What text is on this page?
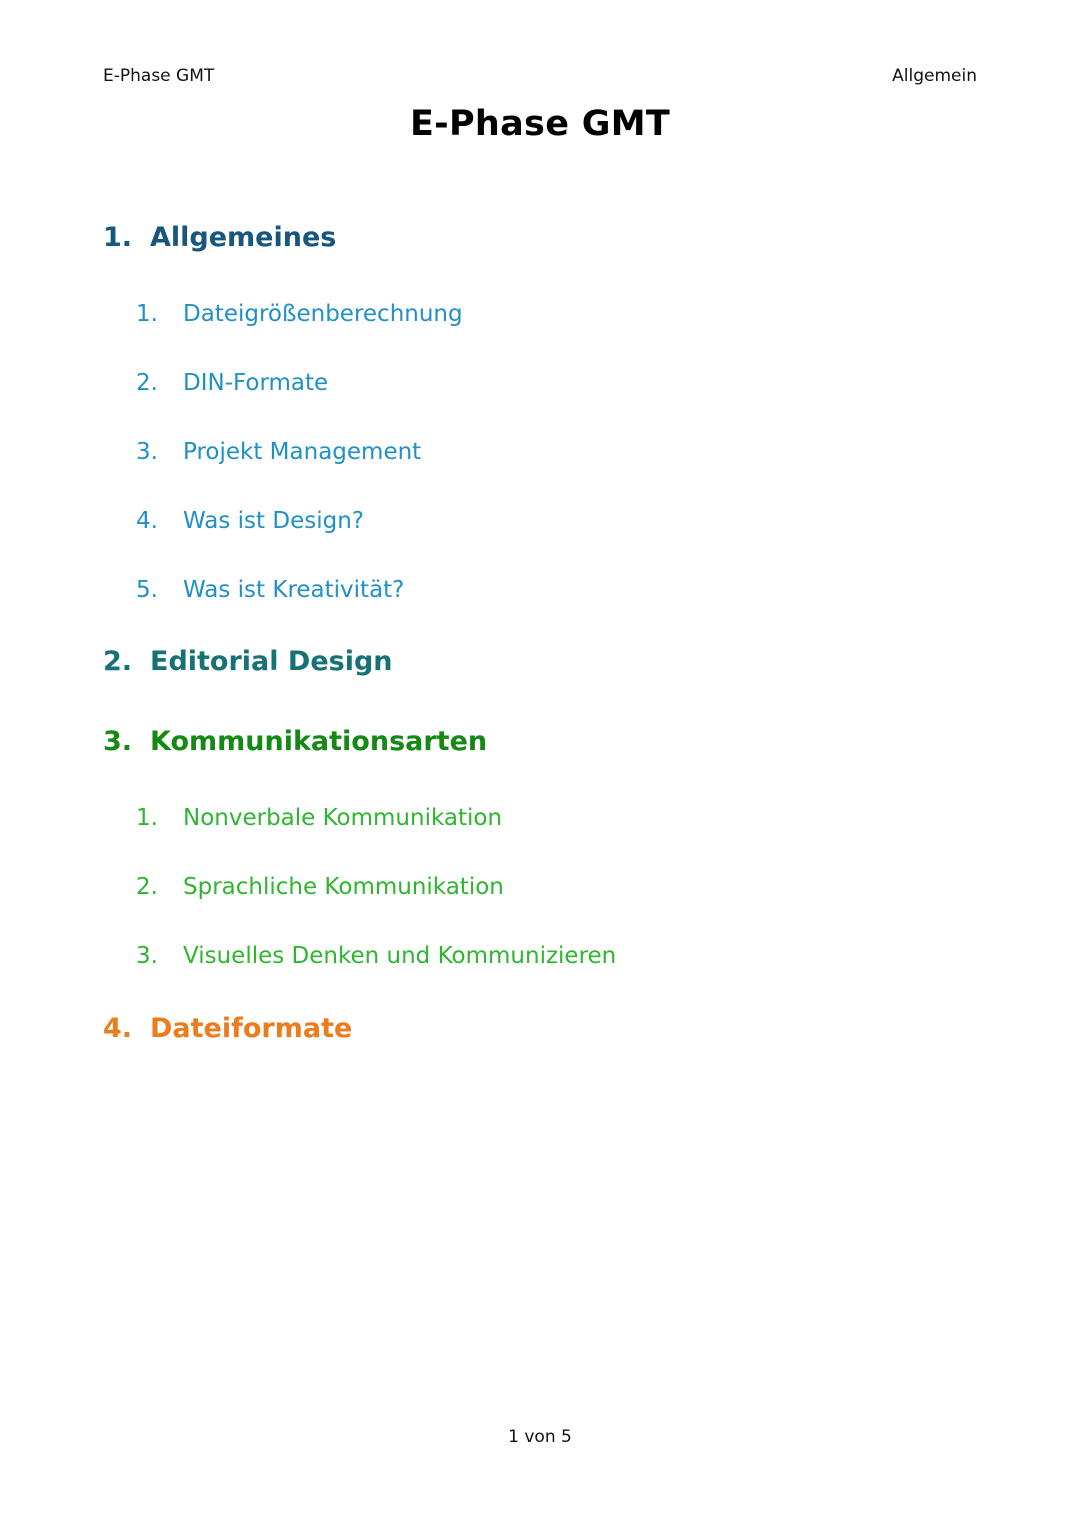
E-Phase GMT	Allgemein
E-Phase GMT
1. Allgemeines
1. Dateigrößenberechnung
2. DIN-Formate
3. Projekt Management
4. Was ist Design?
5. Was ist Kreativität?
2. Editorial Design
3. Kommunikationsarten
1. Nonverbale Kommunikation
2. Sprachliche Kommunikation
3. Visuelles Denken und Kommunizieren
4. Dateiformate
1 von 5
